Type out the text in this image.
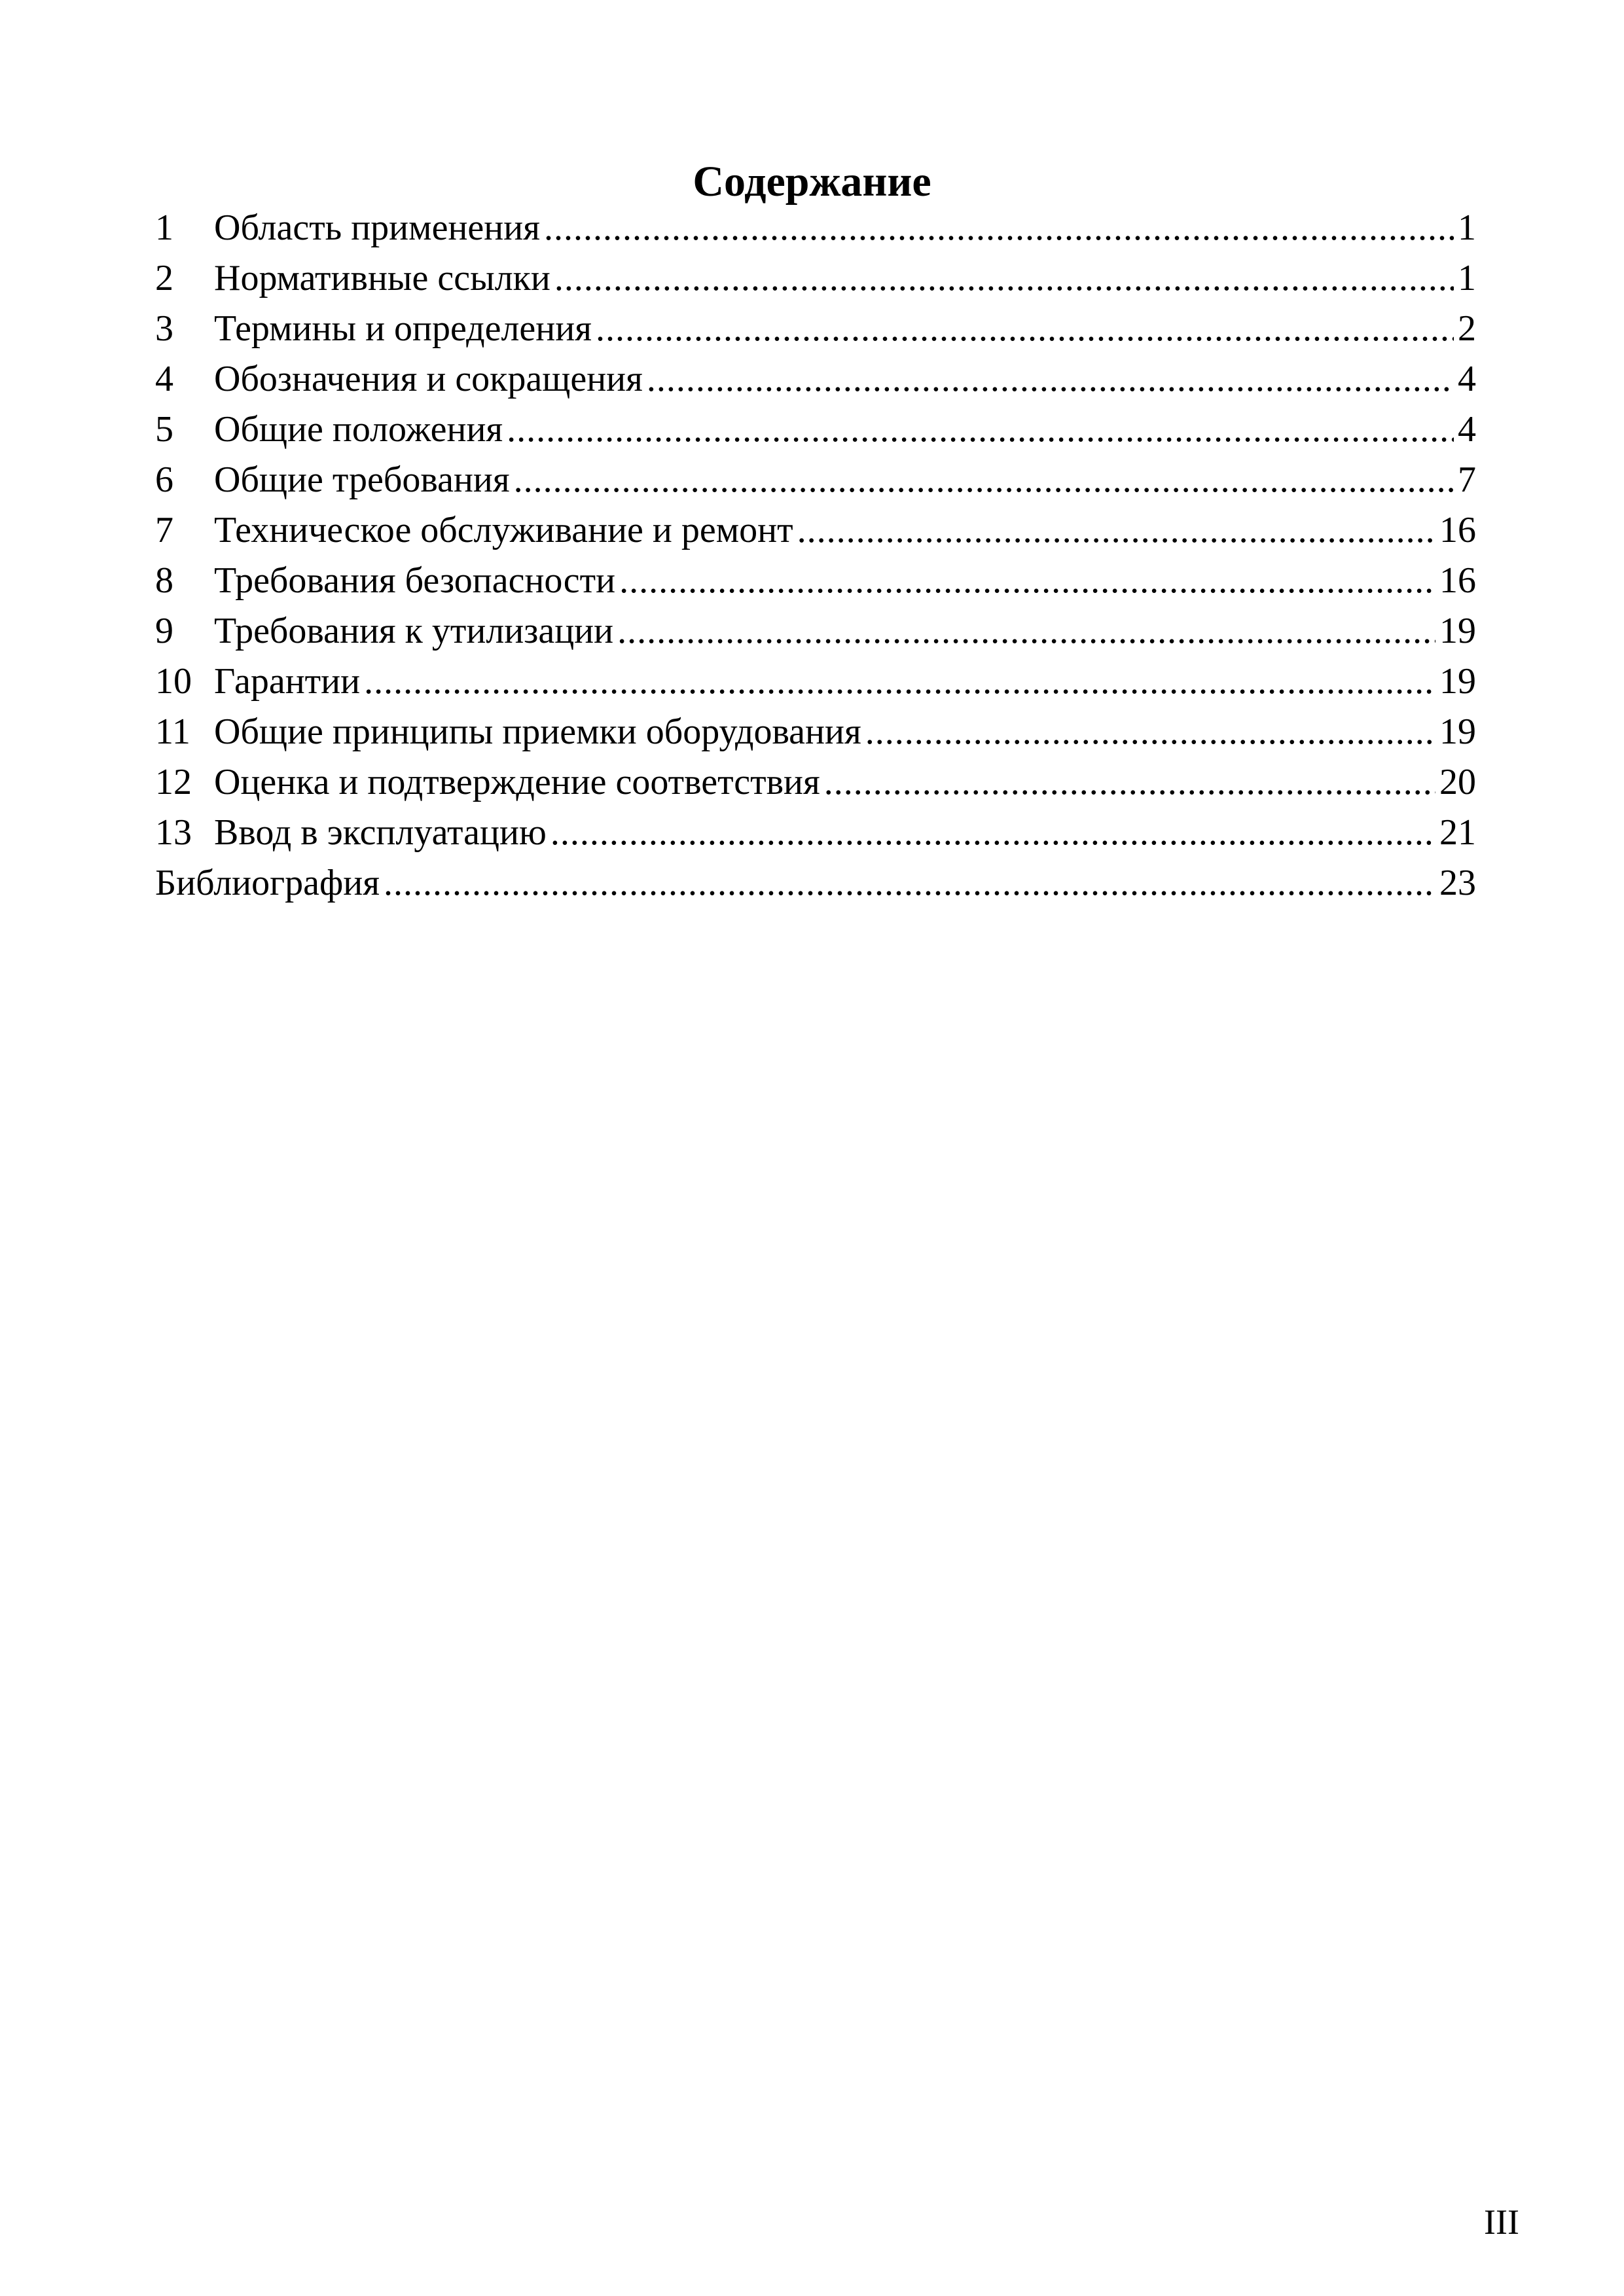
Содержание
1 Область применения .....	1
2 Нормативные ссылки .....	1
3 Термины и определения .....	2
4 Обозначения и сокращения .....	4
5 Общие положения .....	4
6 Общие требования .....	7
7 Техническое обслуживание и ремонт .....	16
8 Требования безопасности .....	16
9 Требования к утилизации .....	19
10 Гарантии .....	19
11 Общие принципы приемки оборудования .....	19
12 Оценка и подтверждение соответствия .....	20
13 Ввод в эксплуатацию .....	21
Библиография .....	23
III
